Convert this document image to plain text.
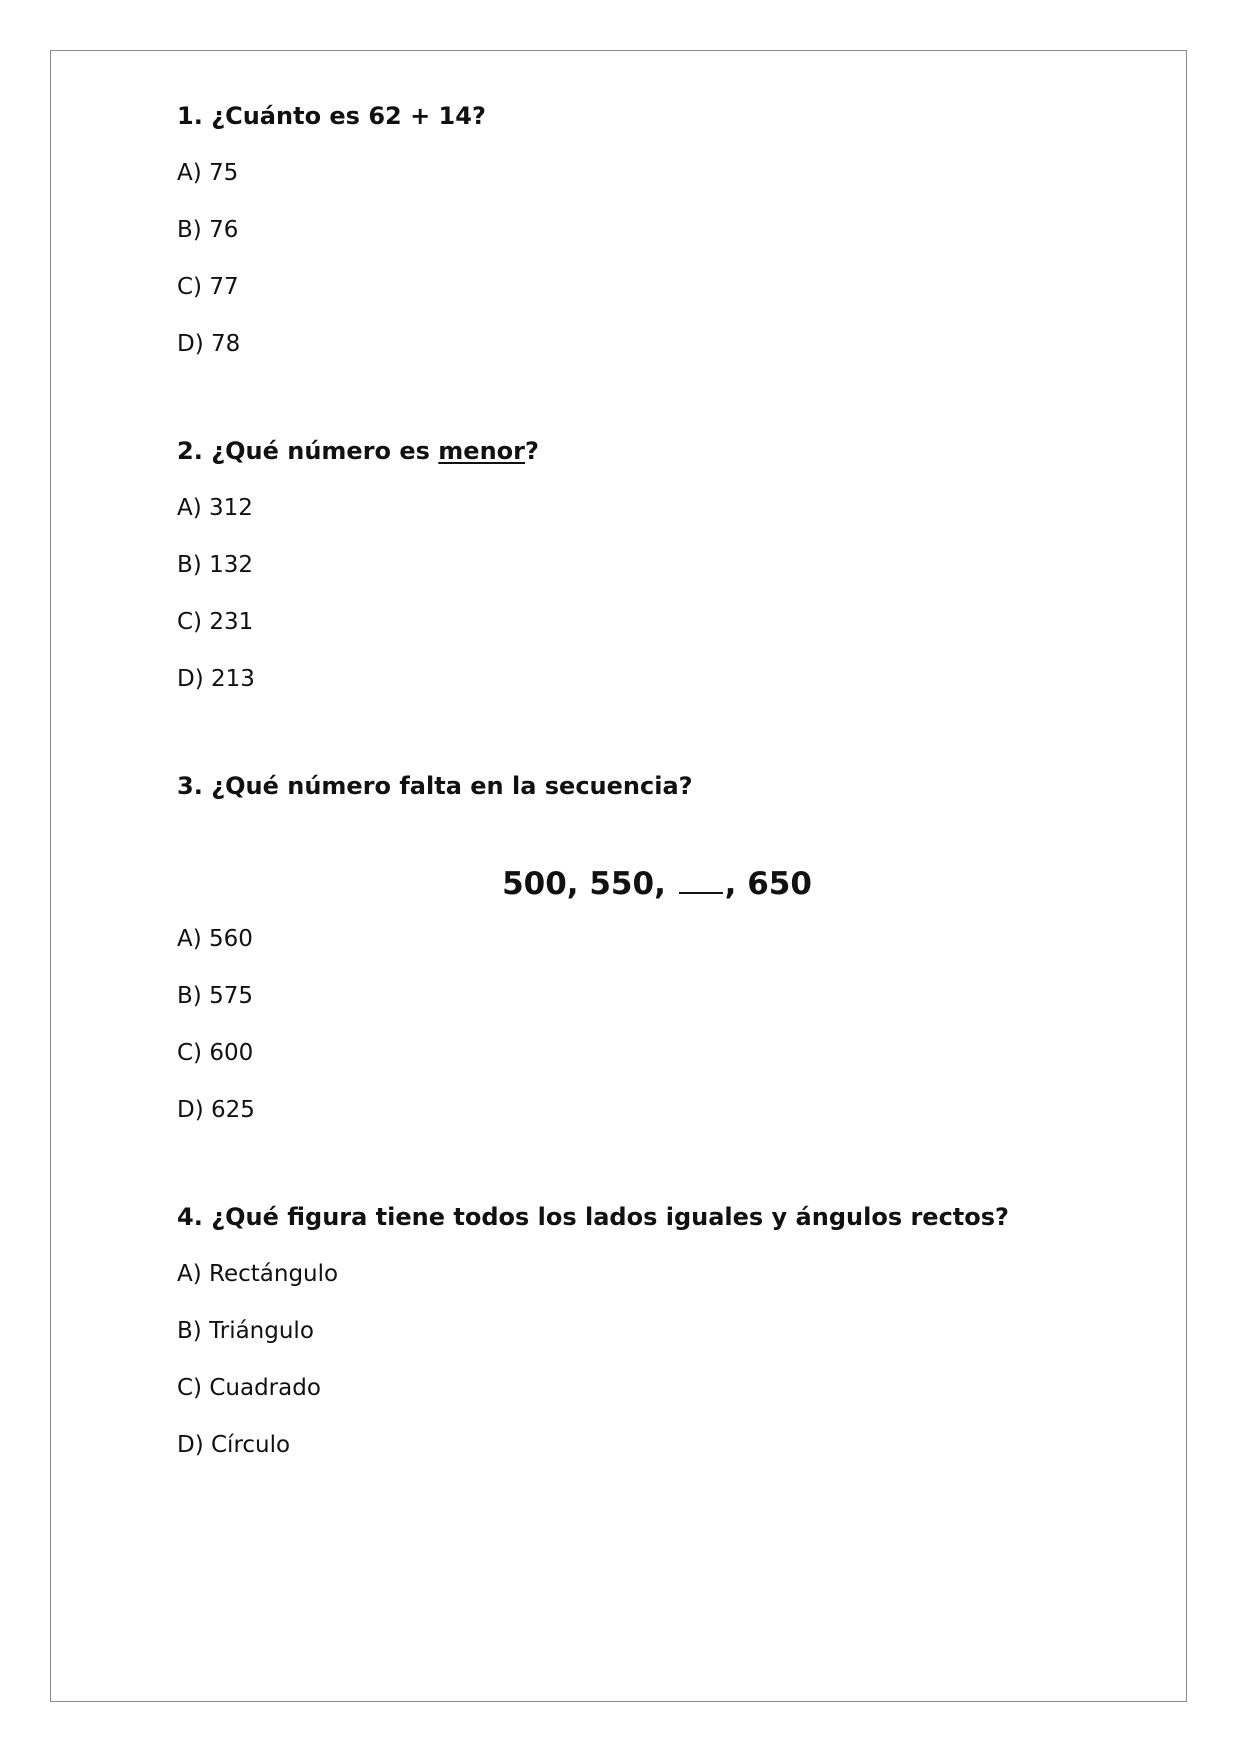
1. ¿Cuánto es 62 + 14?

A) 75
B) 76
C) 77
D) 78

2. ¿Qué número es menor?

A) 312
B) 132
C) 231
D) 213

3. ¿Qué número falta en la secuencia?

500, 550, , 650
A) 560
B) 575
C) 600
D) 625

4. ¿Qué figura tiene todos los lados iguales y ángulos rectos?

A) Rectángulo
B) Triángulo
C) Cuadrado
D) Círculo
